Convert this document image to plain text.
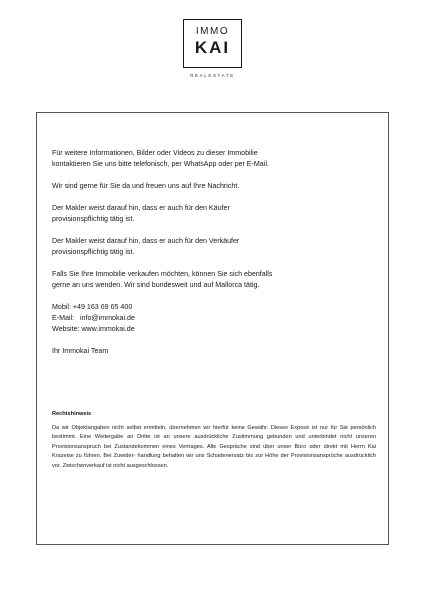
IMMO
KAI
REALESTATE

Für weitere Informationen, Bilder oder Videos zu dieser Immobilie
kontaktieren Sie uns bitte telefonisch, per WhatsApp oder per E-Mail.

Wir sind gerne für Sie da und freuen uns auf Ihre Nachricht.

Der Makler weist darauf hin, dass er auch für den Käufer
provisionspflichtig tätig ist.

Der Makler weist darauf hin, dass er auch für den Verkäufer
provisionspflichtig tätig ist.

Falls Sie Ihre Immobilie verkaufen möchten, können Sie sich ebenfalls
gerne an uns wenden. Wir sind bundesweit und auf Mallorca tätig.

Mobil: +49 163 69 65 400
E-Mail:   info@immokai.de
Website: www.immokai.de

Ihr Immokai Team

Rechtshinweis
Da wir Objektangaben nicht selbst ermitteln, übernehmen wir hierfür keine Gewähr. Dieses Exposé ist nur für Sie persönlich bestimmt. Eine Weitergabe an Dritte ist an unsere ausdrückliche Zustimmung gebunden und unterbindet nicht unseren Provisionsanspruch bei Zustandekommen eines Vertrages. Alle Gespräche sind über unser Büro oder direkt mit Herrn Kai Krazeise zu führen. Bei Zuwider- handlung behalten wir uns Schadenersatz bis zur Höhe der Provisionsansprüche ausdrücklich vor. Zwischenverkauf ist nicht ausgeschlossen.
